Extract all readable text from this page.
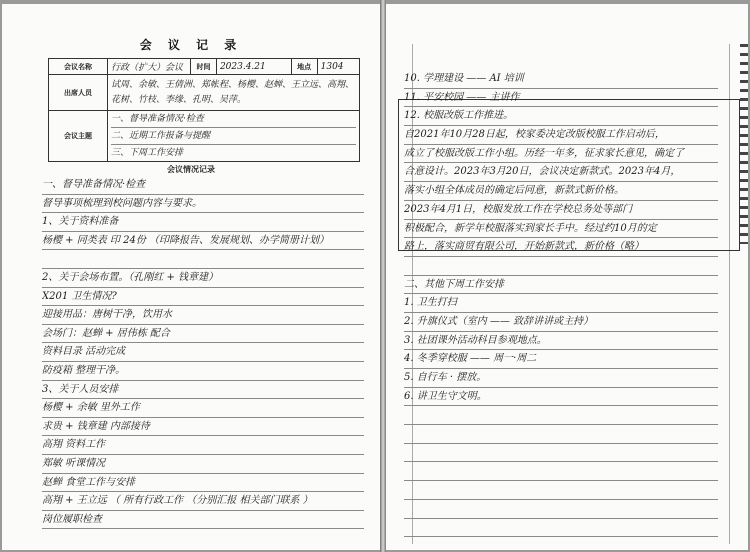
会 议 记 录
会议名称	行政（扩大）会议	时间	2023.4.21	地点	1304
出席人员	试周、余敏、王倩洲、郑帐程、杨樱、赵蝉、王立远、高翔、花树、竹枝、李缘、孔明、吴萍。				
会议主题	一、督导准备情况·检查
二、近期工作报备与提醒
三、下周工作安排				
会议情况记录
一、督导准备情况·检查
督导事项梳理到校问题内容与要求。
1、关于资料准备
杨樱 + 同类表 印 24份 （印降报告、发展规划、办学简册计划）
2、关于会场布置。（孔刚红 + 钱章建）
X201 卫生情况?
迎接用品：唐树干净，饮用水
会场门：赵蝉 + 居伟栋 配合
资料目录 活动完成
防疫箱 整理干净。
3、关于人员安排
杨樱 + 余敏 里外工作
求贵 + 钱章建 内部接待
高翔 资料工作
郑敏 听课情况
赵蝉 食堂工作与安排
高翔 + 王立远 （ 所有行政工作 （分别汇报 相关部门联系 ）
岗位履职检查
10. 学理建设 —— AI 培训
11. 平安校园 —— 主讲作
12. 校服改版工作推进。
自2021年10月28日起，校家委决定改版校服工作启动后，
成立了校服改版工作小组。历经一年多，征求家长意见，确定了
合意设计。2023年3月20日，会议决定新款式。2023年4月，
落实小组全体成员的确定后同意，新款式新价格。
2023年4月1日，校服发放工作在学校总务处等部门
积极配合，新学年校服落实到家长手中。经过约10月的定
路上，落实商贸有限公司，开始新款式，新价格（略）
二、其他下周工作安排
1. 卫生打扫
2. 升旗仪式（室内 —— 致辞讲讲或主持）
3. 社团课外活动科目参观地点。
4. 冬季穿校服 —— 周一·周二
5. 自行车 · 摆放。
6. 讲卫生守文明。
